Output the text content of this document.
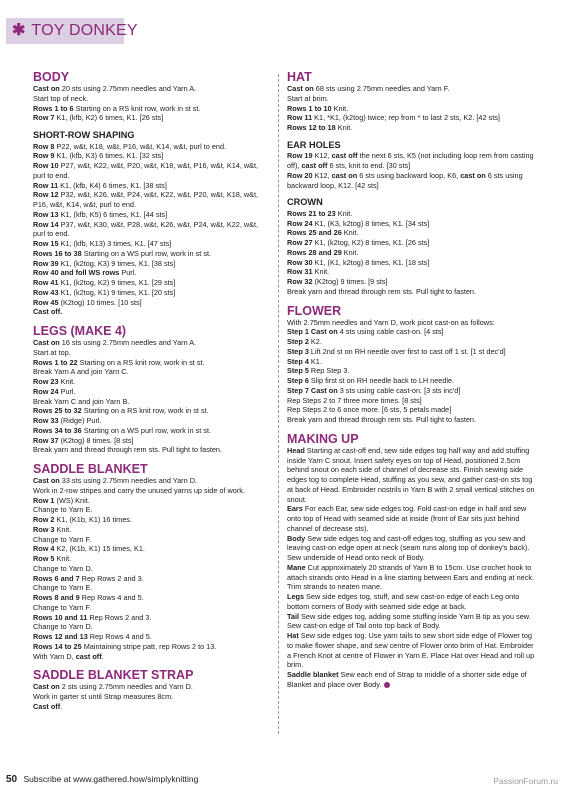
✱ TOY DONKEY
BODY

Cast on 20 sts using 2.75mm needles and Yarn A.

Start top of neck.

Rows 1 to 6 Starting on a RS knit row, work in st st.

Row 7 K1, (kfb, K2) 6 times, K1. [26 sts]

SHORT-ROW SHAPING

Row 8 P22, w&t, K18, w&t, P16, w&t, K14, w&t, purl to end.

Row 9 K1, (kfb, K3) 6 times, K1. [32 sts]

Row 10 P27, w&t, K22, w&t, P20, w&t, K18, w&t, P16, w&t, K14, w&t, purl to end.

Row 11 K1, (kfb, K4) 6 times, K1. [38 sts]

Row 12 P32, w&t, K26, w&t, P24, w&t, K22, w&t, P20, w&t, K18, w&t, P16, w&t, K14, w&t, purl to end.

Row 13 K1, (kfb, K5) 6 times, K1. [44 sts]

Row 14 P37, w&t, K30, w&t, P28, w&t, K26, w&t, P24, w&t, K22, w&t, purl to end.

Row 15 K1, (kfb, K13) 3 times, K1. [47 sts]

Rows 16 to 38 Starting on a WS purl row, work in st st.

Row 39 K1, (k2tog, K3) 9 times, K1. [38 sts]

Row 40 and foll WS rows Purl.

Row 41 K1, (k2tog, K2) 9 times, K1. [29 sts]

Row 43 K1, (k2tog, K1) 9 times, K1. [20 sts]

Row 45 (K2tog) 10 times. [10 sts]

Cast off.

LEGS (MAKE 4)

Cast on 16 sts using 2.75mm needles and Yarn A.

Start at top.

Rows 1 to 22 Starting on a RS knit row, work in st st.

Break Yarn A and join Yarn C.

Row 23 Knit.

Row 24 Purl.

Break Yarn C and join Yarn B.

Rows 25 to 32 Starting on a RS knit row, work in st st.

Row 33 (Ridge) Purl.

Rows 34 to 36 Starting on a WS purl row, work in st st.

Row 37 (K2tog) 8 times. [8 sts]

Break yarn and thread through rem sts. Pull tight to fasten.

SADDLE BLANKET

Cast on 33 sts using 2.75mm needles and Yarn D.

Work in 2-row stripes and carry the unused yarns up side of work.

Row 1 (WS) Knit.

Change to Yarn E.

Row 2 K1, (K1b, K1) 16 times.

Row 3 Knit.

Change to Yarn F.

Row 4 K2, (K1b, K1) 15 times, K1.

Row 5 Knit.

Change to Yarn D.

Rows 6 and 7 Rep Rows 2 and 3.

Change to Yarn E.

Rows 8 and 9 Rep Rows 4 and 5.

Change to Yarn F.

Rows 10 and 11 Rep Rows 2 and 3.

Change to Yarn D.

Rows 12 and 13 Rep Rows 4 and 5.

Rows 14 to 25 Maintaining stripe patt, rep Rows 2 to 13.

With Yarn D, cast off.

SADDLE BLANKET STRAP

Cast on 2 sts using 2.75mm needles and Yarn D.

Work in garter st until Strap measures 8cm.

Cast off.

HAT

Cast on 68 sts using 2.75mm needles and Yarn F.

Start at brim.

Rows 1 to 10 Knit.

Row 11 K1, *K1, (k2tog) twice; rep from * to last 2 sts, K2. [42 sts]

Rows 12 to 18 Knit.

EAR HOLES

Row 19 K12, cast off the next 6 sts, K5 (not including loop rem from casting off), cast off 6 sts, knit to end. [30 sts]

Row 20 K12, cast on 6 sts using backward loop, K6, cast on 6 sts using backward loop, K12. [42 sts]

CROWN

Rows 21 to 23 Knit.

Row 24 K1, (K3, k2tog) 8 times, K1. [34 sts]

Rows 25 and 26 Knit.

Row 27 K1, (k2tog, K2) 8 times, K1. [26 sts]

Rows 28 and 29 Knit.

Row 30 K1, (K1, k2tog) 8 times, K1. [18 sts]

Row 31 Knit.

Row 32 (K2tog) 9 times. [9 sts]

Break yarn and thread through rem sts. Pull tight to fasten.

FLOWER

With 2.75mm needles and Yarn D, work picot cast-on as follows:

Step 1 Cast on 4 sts using cable cast-on. [4 sts]

Step 2 K2.

Step 3 Lift 2nd st on RH needle over first to cast off 1 st. [1 st dec'd]

Step 4 K1.

Step 5 Rep Step 3.

Step 6 Slip first st on RH needle back to LH needle.

Step 7 Cast on 3 sts using cable cast-on. [3 sts inc'd]

Rep Steps 2 to 7 three more times. [8 sts]

Rep Steps 2 to 6 once more. [6 sts, 5 petals made]

Break yarn and thread through rem sts. Pull tight to fasten.

MAKING UP

Head Starting at cast-off end, sew side edges tog half way and add stuffing inside Yarn C snout. Insert safety eyes on top of Head, positioned 2.5cm behind snout on each side of channel of decrease sts. Finish sewing side edges tog to complete Head, stuffing as you sew, and gather cast-on sts tog at back of Head. Embroider nostrils in Yarn B with 2 small vertical stitches on snout.

Ears For each Ear, sew side edges tog. Fold cast-on edge in half and sew onto top of Head with seamed side at inside (front of Ear sits just behind channel of decrease sts).

Body Sew side edges tog and cast-off edges tog, stuffing as you sew and leaving cast-on edge open at neck (seam runs along top of donkey's back). Sew underside of Head onto neck of Body.

Mane Cut approximately 20 strands of Yarn B to 15cm. Use crochet hook to attach strands onto Head in a line starting between Ears and ending at neck. Trim strands to neaten mane.

Legs Sew side edges tog, stuff, and sew cast-on edge of each Leg onto bottom corners of Body with seamed side edge at back.

Tail Sew side edges tog, adding some stuffing inside Yarn B tip as you sew. Sew cast-on edge of Tail onto top back of Body.

Hat Sew side edges tog. Use yarn tails to sew short side edge of Flower tog to make flower shape, and sew centre of Flower onto brim of Hat. Embroider a French Knot at centre of Flower in Yarn E. Place Hat over Head and roll up brim.

Saddle blanket Sew each end of Strap to middle of a shorter side edge of Blanket and place over Body.

50 Subscribe at www.gathered.how/simplyknitting	PassionForum.ru
